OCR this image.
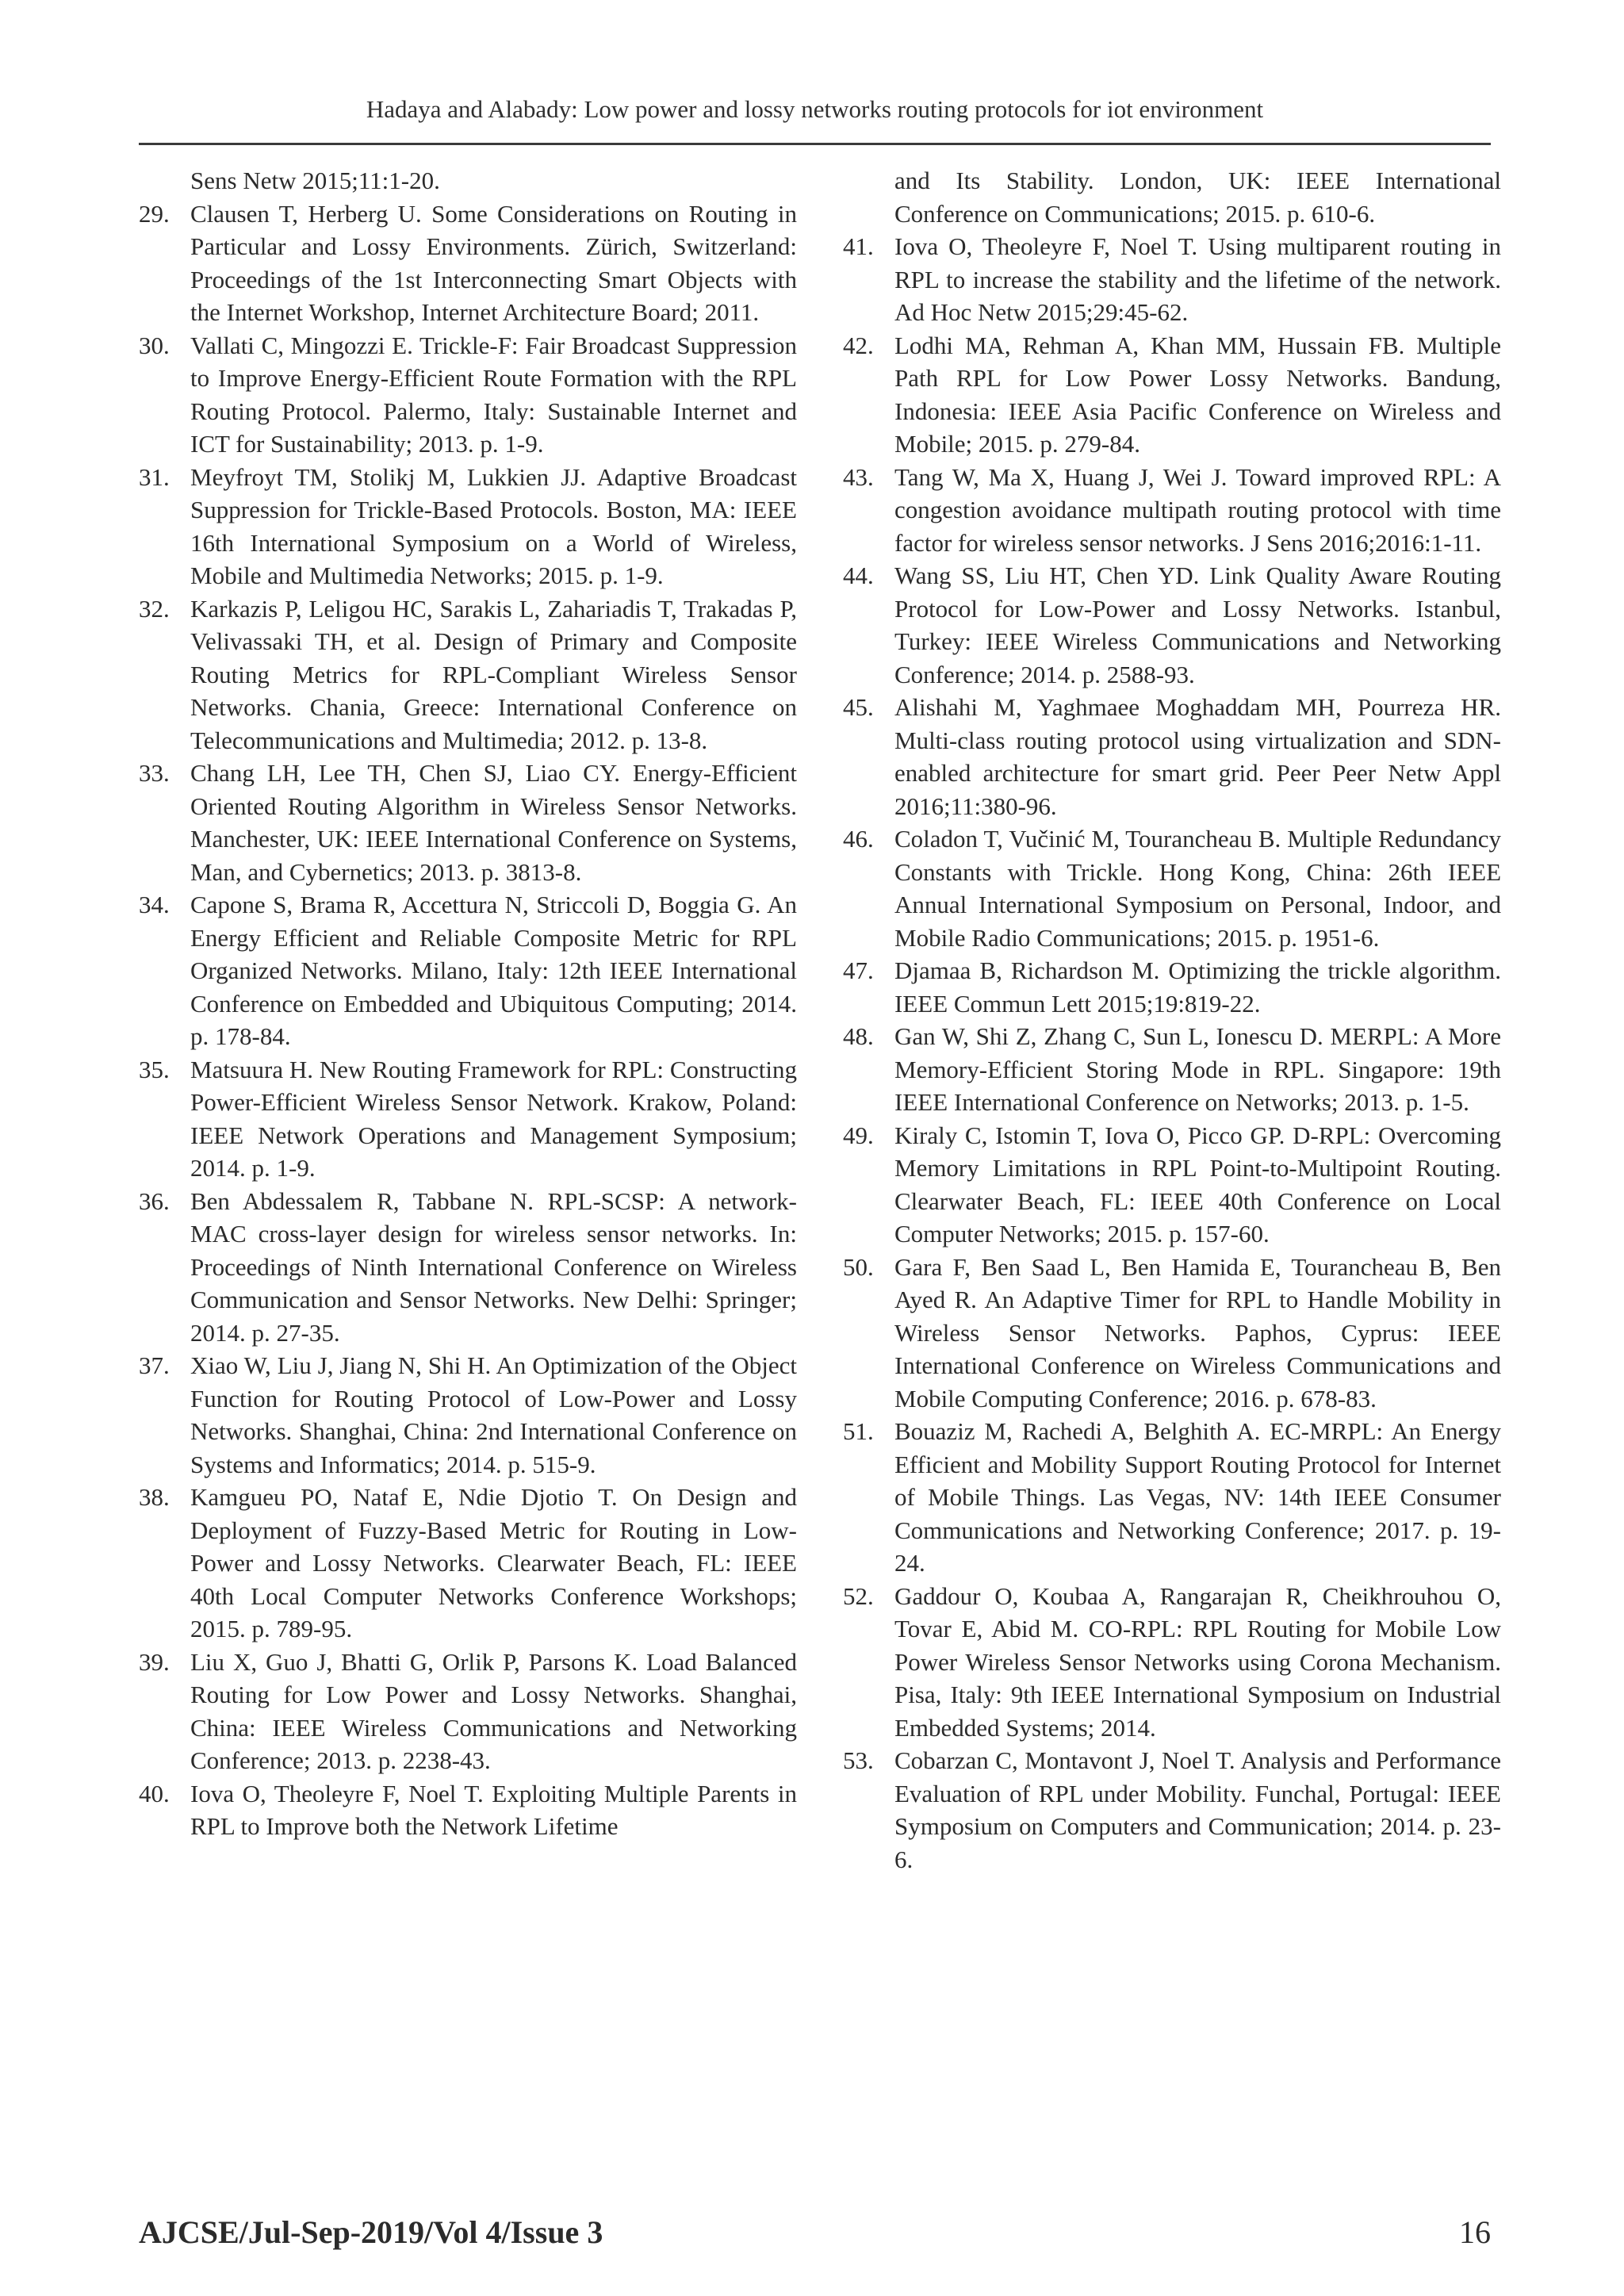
Hadaya and Alabady: Low power and lossy networks routing protocols for iot environment
Sens Netw 2015;11:1-20.
29. Clausen T, Herberg U. Some Considerations on Routing in Particular and Lossy Environments. Zürich, Switzerland: Proceedings of the 1st Interconnecting Smart Objects with the Internet Workshop, Internet Architecture Board; 2011.
30. Vallati C, Mingozzi E. Trickle-F: Fair Broadcast Suppression to Improve Energy-Efficient Route Formation with the RPL Routing Protocol. Palermo, Italy: Sustainable Internet and ICT for Sustainability; 2013. p. 1-9.
31. Meyfroyt TM, Stolikj M, Lukkien JJ. Adaptive Broadcast Suppression for Trickle-Based Protocols. Boston, MA: IEEE 16th International Symposium on a World of Wireless, Mobile and Multimedia Networks; 2015. p. 1-9.
32. Karkazis P, Leligou HC, Sarakis L, Zahariadis T, Trakadas P, Velivassaki TH, et al. Design of Primary and Composite Routing Metrics for RPL-Compliant Wireless Sensor Networks. Chania, Greece: International Conference on Telecommunications and Multimedia; 2012. p. 13-8.
33. Chang LH, Lee TH, Chen SJ, Liao CY. Energy-Efficient Oriented Routing Algorithm in Wireless Sensor Networks. Manchester, UK: IEEE International Conference on Systems, Man, and Cybernetics; 2013. p. 3813-8.
34. Capone S, Brama R, Accettura N, Striccoli D, Boggia G. An Energy Efficient and Reliable Composite Metric for RPL Organized Networks. Milano, Italy: 12th IEEE International Conference on Embedded and Ubiquitous Computing; 2014. p. 178-84.
35. Matsuura H. New Routing Framework for RPL: Constructing Power-Efficient Wireless Sensor Network. Krakow, Poland: IEEE Network Operations and Management Symposium; 2014. p. 1-9.
36. Ben Abdessalem R, Tabbane N. RPL-SCSP: A network-MAC cross-layer design for wireless sensor networks. In: Proceedings of Ninth International Conference on Wireless Communication and Sensor Networks. New Delhi: Springer; 2014. p. 27-35.
37. Xiao W, Liu J, Jiang N, Shi H. An Optimization of the Object Function for Routing Protocol of Low-Power and Lossy Networks. Shanghai, China: 2nd International Conference on Systems and Informatics; 2014. p. 515-9.
38. Kamgueu PO, Nataf E, Ndie Djotio T. On Design and Deployment of Fuzzy-Based Metric for Routing in Low-Power and Lossy Networks. Clearwater Beach, FL: IEEE 40th Local Computer Networks Conference Workshops; 2015. p. 789-95.
39. Liu X, Guo J, Bhatti G, Orlik P, Parsons K. Load Balanced Routing for Low Power and Lossy Networks. Shanghai, China: IEEE Wireless Communications and Networking Conference; 2013. p. 2238-43.
40. Iova O, Theoleyre F, Noel T. Exploiting Multiple Parents in RPL to Improve both the Network Lifetime
and Its Stability. London, UK: IEEE International Conference on Communications; 2015. p. 610-6.
41. Iova O, Theoleyre F, Noel T. Using multiparent routing in RPL to increase the stability and the lifetime of the network. Ad Hoc Netw 2015;29:45-62.
42. Lodhi MA, Rehman A, Khan MM, Hussain FB. Multiple Path RPL for Low Power Lossy Networks. Bandung, Indonesia: IEEE Asia Pacific Conference on Wireless and Mobile; 2015. p. 279-84.
43. Tang W, Ma X, Huang J, Wei J. Toward improved RPL: A congestion avoidance multipath routing protocol with time factor for wireless sensor networks. J Sens 2016;2016:1-11.
44. Wang SS, Liu HT, Chen YD. Link Quality Aware Routing Protocol for Low-Power and Lossy Networks. Istanbul, Turkey: IEEE Wireless Communications and Networking Conference; 2014. p. 2588-93.
45. Alishahi M, Yaghmaee Moghaddam MH, Pourreza HR. Multi-class routing protocol using virtualization and SDN-enabled architecture for smart grid. Peer Peer Netw Appl 2016;11:380-96.
46. Coladon T, Vučinić M, Tourancheau B. Multiple Redundancy Constants with Trickle. Hong Kong, China: 26th IEEE Annual International Symposium on Personal, Indoor, and Mobile Radio Communications; 2015. p. 1951-6.
47. Djamaa B, Richardson M. Optimizing the trickle algorithm. IEEE Commun Lett 2015;19:819-22.
48. Gan W, Shi Z, Zhang C, Sun L, Ionescu D. MERPL: A More Memory-Efficient Storing Mode in RPL. Singapore: 19th IEEE International Conference on Networks; 2013. p. 1-5.
49. Kiraly C, Istomin T, Iova O, Picco GP. D-RPL: Overcoming Memory Limitations in RPL Point-to-Multipoint Routing. Clearwater Beach, FL: IEEE 40th Conference on Local Computer Networks; 2015. p. 157-60.
50. Gara F, Ben Saad L, Ben Hamida E, Tourancheau B, Ben Ayed R. An Adaptive Timer for RPL to Handle Mobility in Wireless Sensor Networks. Paphos, Cyprus: IEEE International Conference on Wireless Communications and Mobile Computing Conference; 2016. p. 678-83.
51. Bouaziz M, Rachedi A, Belghith A. EC-MRPL: An Energy Efficient and Mobility Support Routing Protocol for Internet of Mobile Things. Las Vegas, NV: 14th IEEE Consumer Communications and Networking Conference; 2017. p. 19-24.
52. Gaddour O, Koubaa A, Rangarajan R, Cheikhrouhou O, Tovar E, Abid M. CO-RPL: RPL Routing for Mobile Low Power Wireless Sensor Networks using Corona Mechanism. Pisa, Italy: 9th IEEE International Symposium on Industrial Embedded Systems; 2014.
53. Cobarzan C, Montavont J, Noel T. Analysis and Performance Evaluation of RPL under Mobility. Funchal, Portugal: IEEE Symposium on Computers and Communication; 2014. p. 23-6.
AJCSE/Jul-Sep-2019/Vol 4/Issue 3	16
